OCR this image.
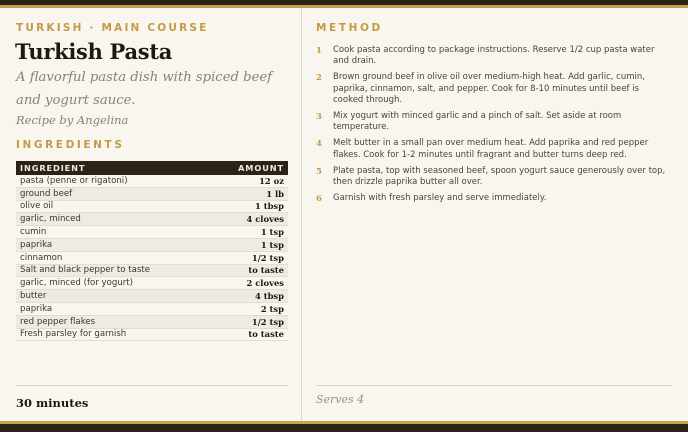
TURKISH · MAIN COURSE
Turkish Pasta
A flavorful pasta dish with spiced beef and yogurt sauce.
Recipe by Angelina
INGREDIENTS
INGREDIENT	AMOUNT
pasta (penne or rigatoni)	12 oz
ground beef	1 lb
olive oil	1 tbsp
garlic, minced	4 cloves
cumin	1 tsp
paprika	1 tsp
cinnamon	1/2 tsp
Salt and black pepper to taste	to taste
garlic, minced (for yogurt)	2 cloves
butter	4 tbsp
paprika	2 tsp
red pepper flakes	1/2 tsp
Fresh parsley for garnish	to taste
30 minutes
METHOD
1	Cook pasta according to package instructions. Reserve 1/2 cup pasta water and drain.
2	Brown ground beef in olive oil over medium-high heat. Add garlic, cumin, paprika, cinnamon, salt, and pepper. Cook for 8-10 minutes until beef is cooked through.
3	Mix yogurt with minced garlic and a pinch of salt. Set aside at room temperature.
4	Melt butter in a small pan over medium heat. Add paprika and red pepper flakes. Cook for 1-2 minutes until fragrant and butter turns deep red.
5	Plate pasta, top with seasoned beef, spoon yogurt sauce generously over top, then drizzle paprika butter all over.
6	Garnish with fresh parsley and serve immediately.
Serves 4
